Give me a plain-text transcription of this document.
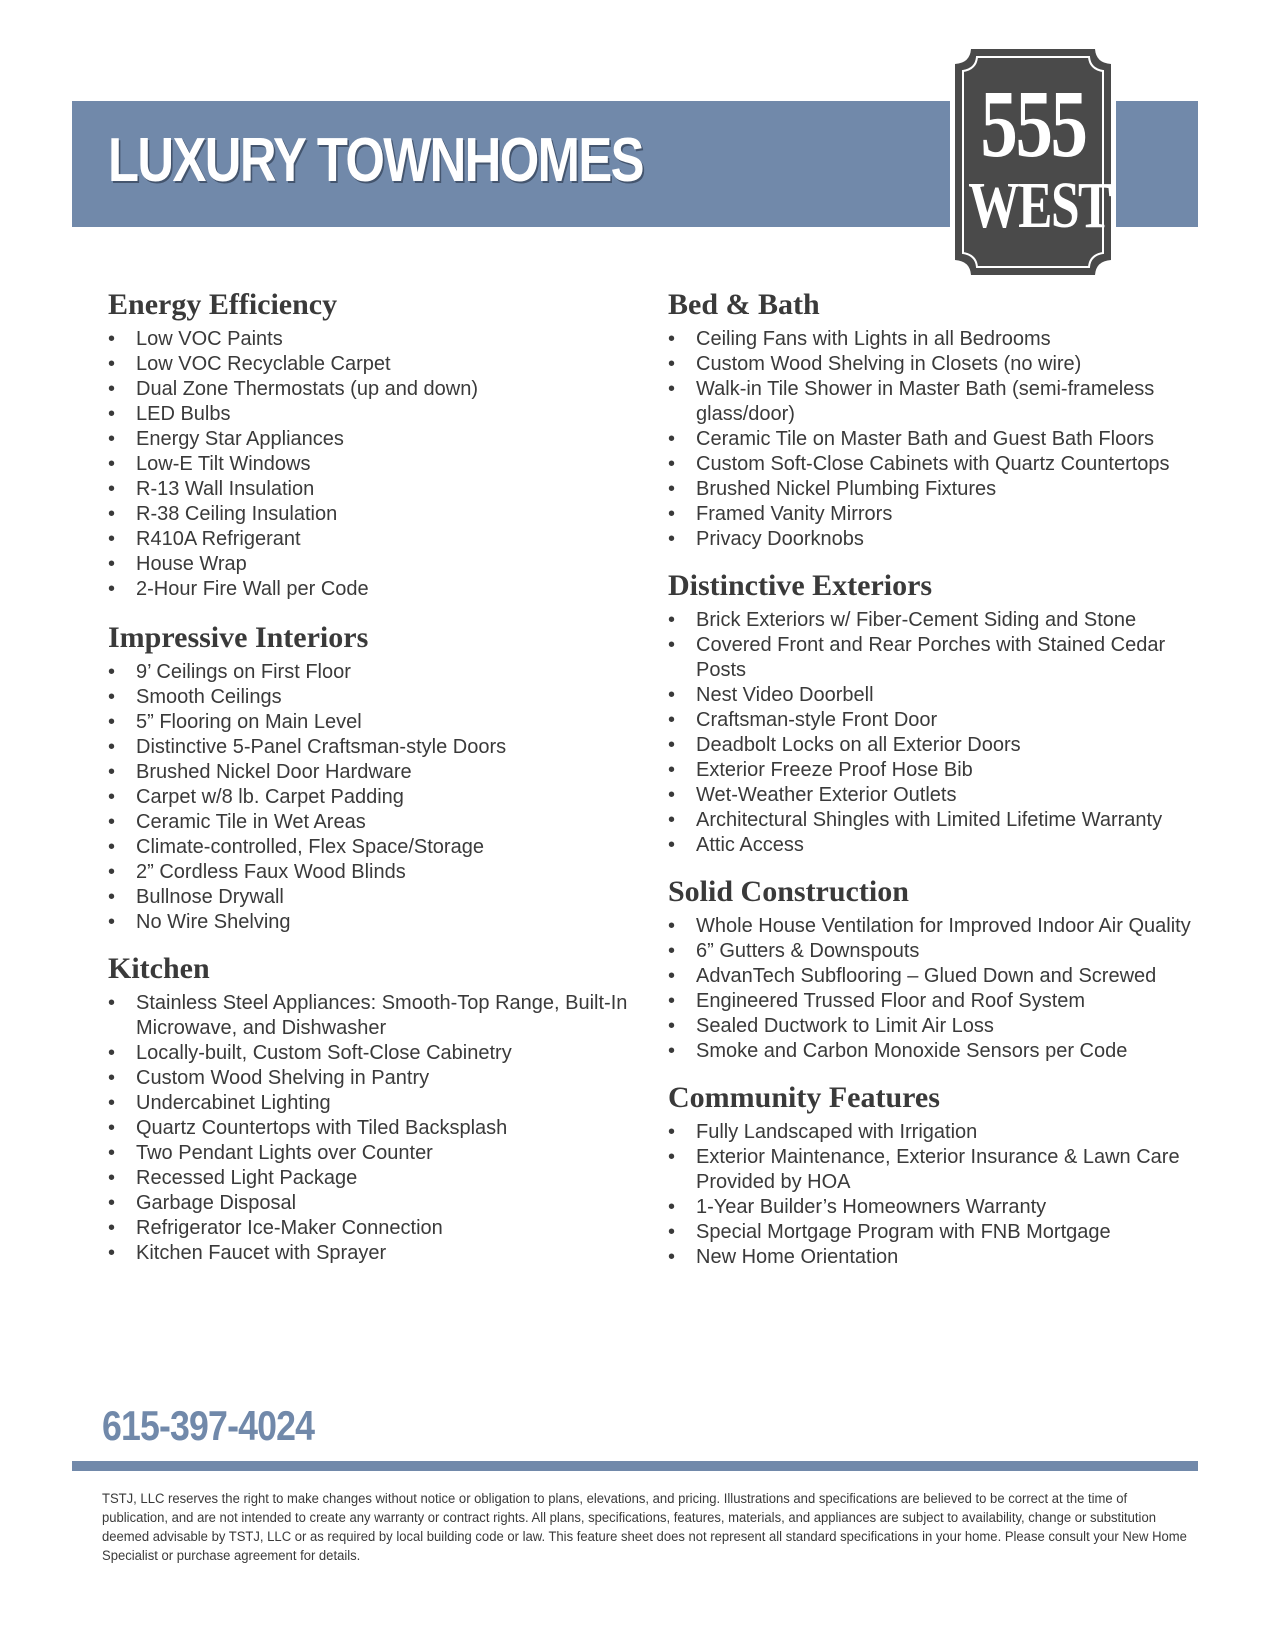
LUXURY TOWNHOMES	555
WEST
Energy Efficiency
• Low VOC Paints
• Low VOC Recyclable Carpet
• Dual Zone Thermostats (up and down)
• LED Bulbs
• Energy Star Appliances
• Low-E Tilt Windows
• R-13 Wall Insulation
• R-38 Ceiling Insulation
• R410A Refrigerant
• House Wrap
• 2-Hour Fire Wall per Code
Impressive Interiors
• 9’ Ceilings on First Floor
• Smooth Ceilings
• 5” Flooring on Main Level
• Distinctive 5-Panel Craftsman-style Doors
• Brushed Nickel Door Hardware
• Carpet w/8 lb. Carpet Padding
• Ceramic Tile in Wet Areas
• Climate-controlled, Flex Space/Storage
• 2” Cordless Faux Wood Blinds
• Bullnose Drywall
• No Wire Shelving
Kitchen
• Stainless Steel Appliances: Smooth-Top Range, Built-In Microwave, and Dishwasher
• Locally-built, Custom Soft-Close Cabinetry
• Custom Wood Shelving in Pantry
• Undercabinet Lighting
• Quartz Countertops with Tiled Backsplash
• Two Pendant Lights over Counter
• Recessed Light Package
• Garbage Disposal
• Refrigerator Ice-Maker Connection
• Kitchen Faucet with Sprayer
Bed & Bath
• Ceiling Fans with Lights in all Bedrooms
• Custom Wood Shelving in Closets (no wire)
• Walk-in Tile Shower in Master Bath (semi-frameless glass/door)
• Ceramic Tile on Master Bath and Guest Bath Floors
• Custom Soft-Close Cabinets with Quartz Countertops
• Brushed Nickel Plumbing Fixtures
• Framed Vanity Mirrors
• Privacy Doorknobs
Distinctive Exteriors
• Brick Exteriors w/ Fiber-Cement Siding and Stone
• Covered Front and Rear Porches with Stained Cedar Posts
• Nest Video Doorbell
• Craftsman-style Front Door
• Deadbolt Locks on all Exterior Doors
• Exterior Freeze Proof Hose Bib
• Wet-Weather Exterior Outlets
• Architectural Shingles with Limited Lifetime Warranty
• Attic Access
Solid Construction
• Whole House Ventilation for Improved Indoor Air Quality
• 6” Gutters & Downspouts
• AdvanTech Subflooring – Glued Down and Screwed
• Engineered Trussed Floor and Roof System
• Sealed Ductwork to Limit Air Loss
• Smoke and Carbon Monoxide Sensors per Code
Community Features
• Fully Landscaped with Irrigation
• Exterior Maintenance, Exterior Insurance & Lawn Care Provided by HOA
• 1-Year Builder’s Homeowners Warranty
• Special Mortgage Program with FNB Mortgage
• New Home Orientation

615-397-4024

TSTJ, LLC reserves the right to make changes without notice or obligation to plans, elevations, and pricing. Illustrations and specifications are believed to be correct at the time of publication, and are not intended to create any warranty or contract rights. All plans, specifications, features, materials, and appliances are subject to availability, change or substitution deemed advisable by TSTJ, LLC or as required by local building code or law. This feature sheet does not represent all standard specifications in your home. Please consult your New Home Specialist or purchase agreement for details.
